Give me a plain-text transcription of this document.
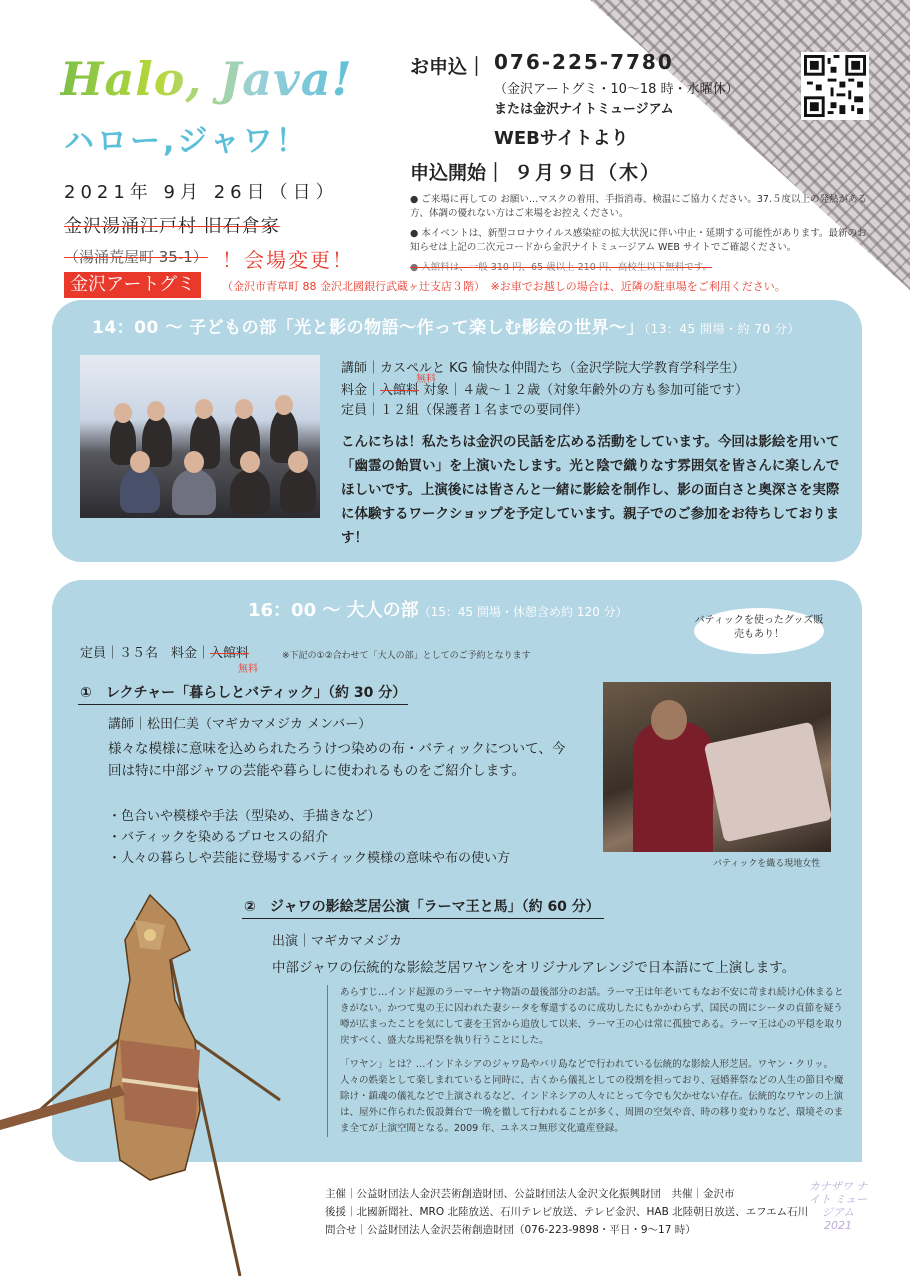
Halo, Java!
ハロー,ジャワ！
2021年 9月 26日（日）
金沢湯涌江戸村 旧石倉家
（湯涌荒屋町 35-1） ！会場変更！
金沢アートグミ	（金沢市青草町 88 金沢北國銀行武蔵ヶ辻支店３階）　※お車でお越しの場合は、近隣の駐車場をご利用ください。
お申込｜ 076-225-7780
（金沢アートグミ・10〜18 時・水曜休）
または金沢ナイトミュージアム
WEBサイトより
申込開始｜ ９月９日（木）
● ご来場に再しての お願い…マスクの着用、手指消毒、検温にご協力ください。37.５度以上の発熱がある方、体調の優れない方はご来場をお控えください。
● 本イベントは、新型コロナウイルス感染症の拡大状況に伴い中止・延期する可能性があります。最新のお知らせは上記の二次元コードから金沢ナイトミュージアム WEB サイトでご確認ください。
● 入館料は、一般 310 円、65 歳以上 210 円、高校生以下無料です。
14：00 〜 子どもの部「光と影の物語〜作って楽しむ影絵の世界〜」（13：45 開場・約 70 分）
講師｜カスペルと KG 愉快な仲間たち（金沢学院大学教育学科学生）
料金｜入館料 対象｜４歳〜１２歳（対象年齢外の方も参加可能です）
無料
定員｜１２組（保護者１名までの要同伴）
こんにちは！私たちは金沢の民話を広める活動をしています。今回は影絵を用いて「幽霊の飴買い」を上演いたします。光と陰で織りなす雰囲気を皆さんに楽しんでほしいです。上演後には皆さんと一緒に影絵を制作し、影の面白さと奥深さを実際に体験するワークショップを予定しています。親子でのご参加をお待ちしております！
16：00 〜 大人の部（15：45 開場・休憩含め約 120 分）
バティックを使ったグッズ販売もあり！
定員｜３５名　料金｜入館料
無料
※下記の①②合わせて「大人の部」としてのご予約となります
①　レクチャー「暮らしとバティック」（約 30 分）
講師｜松田仁美（マギカマメジカ メンバー）
様々な模様に意味を込められたろうけつ染めの布・バティックについて、今回は特に中部ジャワの芸能や暮らしに使われるものをご紹介します。
・色合いや模様や手法（型染め、手描きなど）
・バティックを染めるプロセスの紹介
・人々の暮らしや芸能に登場するバティック模様の意味や布の使い方	バティックを織る現地女性
②　ジャワの影絵芝居公演「ラーマ王と馬」（約 60 分）
出演｜マギカマメジカ
中部ジャワの伝統的な影絵芝居ワヤンをオリジナルアレンジで日本語にて上演します。
あらすじ…インド起源のラーマーヤナ物語の最後部分のお話。ラーマ王は年老いてもなお不安に苛まれ続け心休まるときがない。かつて鬼の王に囚われた妻シータを奪還するのに成功したにもかかわらず、国民の間にシータの貞節を疑う噂が広まったことを気にして妻を王宮から追放して以来、ラーマ王の心は常に孤独である。ラーマ王は心の平穏を取り戻すべく、盛大な馬祀祭を執り行うことにした。
「ワヤン」とは？…インドネシアのジャワ島やバリ島などで行われている伝統的な影絵人形芝居。ワヤン・クリッ。人々の娯楽として楽しまれていると同時に、古くから儀礼としての役割を担っており、冠婚葬祭などの人生の節目や魔除け・鎮魂の儀礼などで上演されるなど、インドネシアの人々にとって今でも欠かせない存在。伝統的なワヤンの上演は、屋外に作られた仮設舞台で一晩を徹して行われることが多く、周囲の空気や音、時の移り変わりなど、環境そのまま全てが上演空間となる。2009 年、ユネスコ無形文化遺産登録。
主催｜公益財団法人金沢芸術創造財団、公益財団法人金沢文化振興財団　共催｜金沢市
後援｜北國新聞社、MRO 北陸放送、石川テレビ放送、テレビ金沢、HAB 北陸朝日放送、エフエム石川
問合せ｜公益財団法人金沢芸術創造財団（076-223-9898・平日・9〜17 時）
カナザワ ナイト ミュージアム 2021
